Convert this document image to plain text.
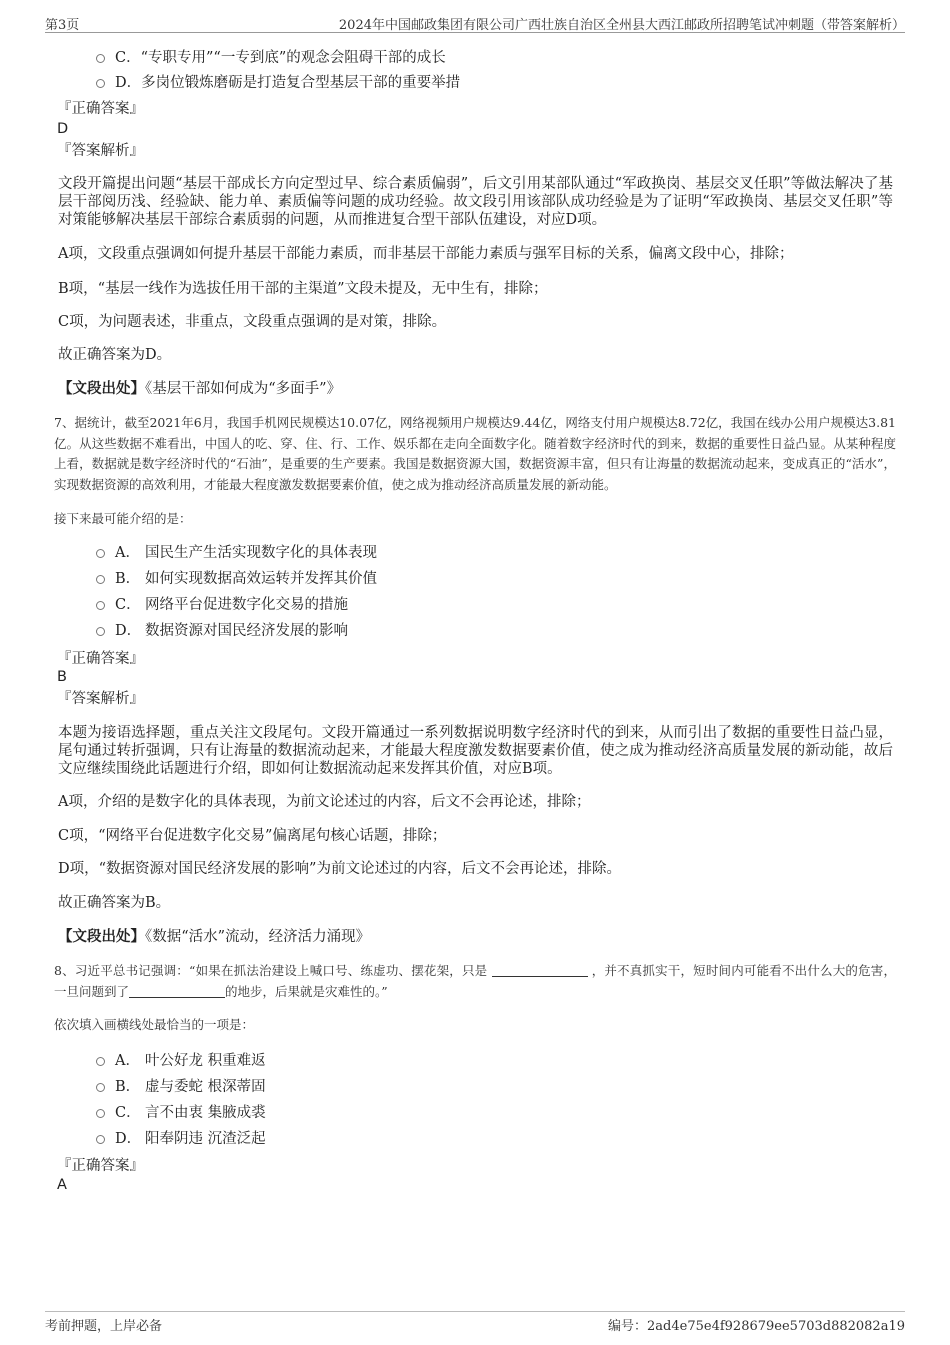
第3页	2024年中国邮政集团有限公司广西壮族自治区全州县大西江邮政所招聘笔试冲刺题（带答案解析）
C．“专职专用”“一专到底”的观念会阻碍干部的成长
D．多岗位锻炼磨砺是打造复合型基层干部的重要举措
『正确答案』
D
『答案解析』
文段开篇提出问题“基层干部成长方向定型过早、综合素质偏弱”，后文引用某部队通过“军政换岗、基层交叉任职”等做法解决了基层干部阅历浅、经验缺、能力单、素质偏等问题的成功经验。故文段引用该部队成功经验是为了证明“军政换岗、基层交叉任职”等对策能够解决基层干部综合素质弱的问题，从而推进复合型干部队伍建设，对应D项。
A项，文段重点强调如何提升基层干部能力素质，而非基层干部能力素质与强军目标的关系，偏离文段中心，排除；
B项，“基层一线作为选拔任用干部的主渠道”文段未提及，无中生有，排除；
C项，为问题表述，非重点，文段重点强调的是对策，排除。
故正确答案为D。
【文段出处】《基层干部如何成为“多面手”》
7、据统计，截至2021年6月，我国手机网民规模达10.07亿，网络视频用户规模达9.44亿，网络支付用户规模达8.72亿，我国在线办公用户规模达3.81亿。从这些数据不难看出，中国人的吃、穿、住、行、工作、娱乐都在走向全面数字化。随着数字经济时代的到来，数据的重要性日益凸显。从某种程度上看，数据就是数字经济时代的“石油”，是重要的生产要素。我国是数据资源大国，数据资源丰富，但只有让海量的数据流动起来，变成真正的“活水”，实现数据资源的高效利用，才能最大程度激发数据要素价值，使之成为推动经济高质量发展的新动能。
接下来最可能介绍的是：
A． 国民生产生活实现数字化的具体表现
B． 如何实现数据高效运转并发挥其价值
C． 网络平台促进数字化交易的措施
D． 数据资源对国民经济发展的影响
『正确答案』
B
『答案解析』
本题为接语选择题，重点关注文段尾句。文段开篇通过一系列数据说明数字经济时代的到来，从而引出了数据的重要性日益凸显，尾句通过转折强调，只有让海量的数据流动起来，才能最大程度激发数据要素价值，使之成为推动经济高质量发展的新动能，故后文应继续围绕此话题进行介绍，即如何让数据流动起来发挥其价值，对应B项。
A项，介绍的是数字化的具体表现，为前文论述过的内容，后文不会再论述，排除；
C项，“网络平台促进数字化交易”偏离尾句核心话题，排除；
D项，“数据资源对国民经济发展的影响”为前文论述过的内容，后文不会再论述，排除。
故正确答案为B。
【文段出处】《数据“活水”流动，经济活力涌现》
8、习近平总书记强调：“如果在抓法治建设上喊口号、练虚功、摆花架，只是	，并不真抓实干，短时间内可能看不出什么大的危害，一旦问题到了	的地步，后果就是灾难性的。”
依次填入画横线处最恰当的一项是：
A． 叶公好龙 积重难返
B． 虚与委蛇 根深蒂固
C． 言不由衷 集腋成裘
D． 阳奉阴违 沉渣泛起
『正确答案』
A
考前押题，上岸必备	编号：2ad4e75e4f928679ee5703d882082a19
